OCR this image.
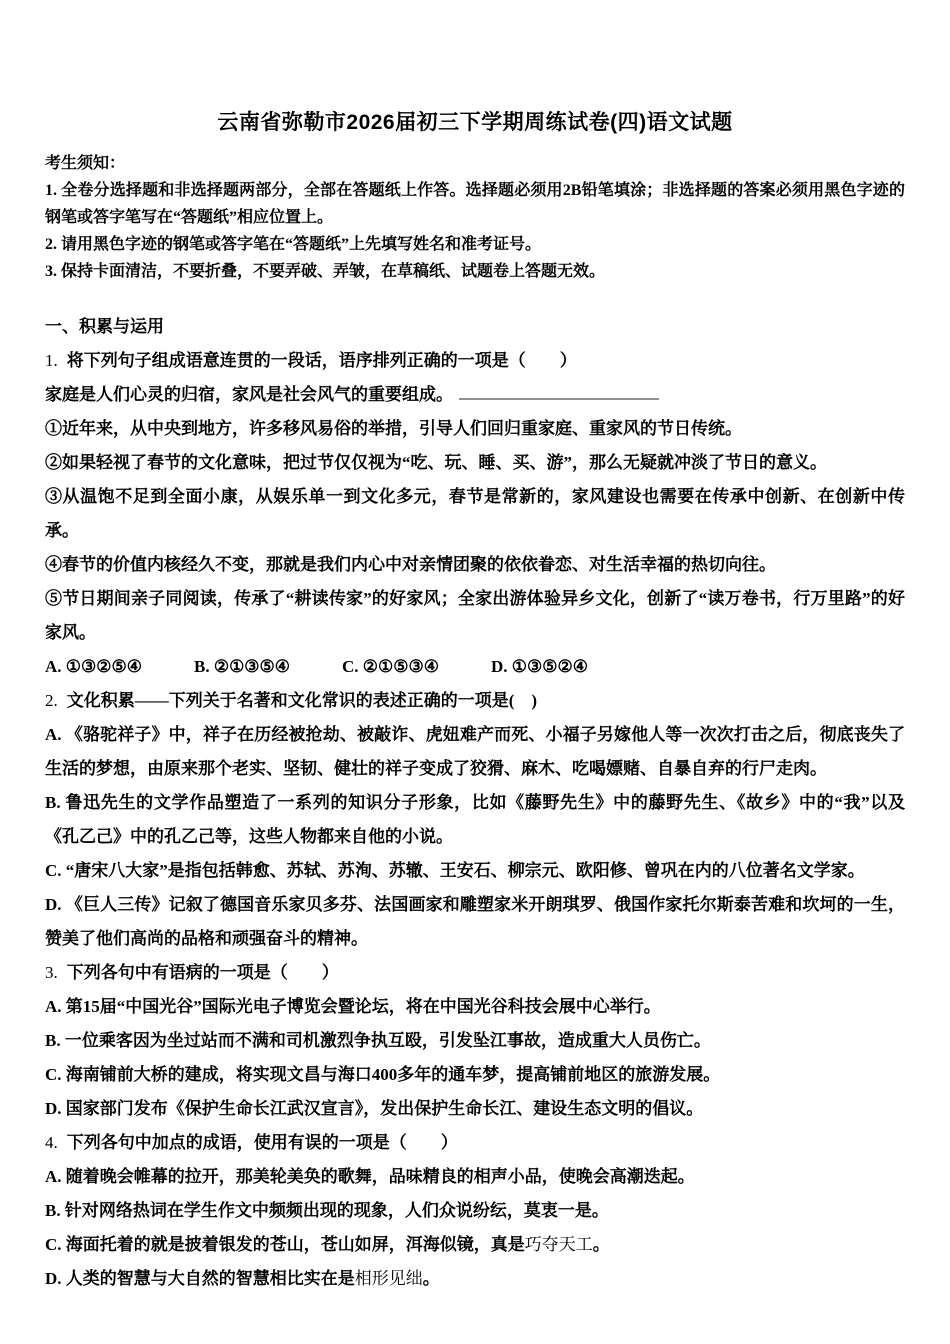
云南省弥勒市2026届初三下学期周练试卷(四)语文试题

考生须知：

1. 全卷分选择题和非选择题两部分，全部在答题纸上作答。选择题必须用2B铅笔填涂；非选择题的答案必须用黑色字迹的钢笔或答字笔写在“答题纸”相应位置上。

2. 请用黑色字迹的钢笔或答字笔在“答题纸”上先填写姓名和准考证号。

3. 保持卡面清洁，不要折叠，不要弄破、弄皱，在草稿纸、试题卷上答题无效。

一、积累与运用

1. 将下列句子组成语意连贯的一段话，语序排列正确的一项是（　　）

家庭是人们心灵的归宿，家风是社会风气的重要组成。

①近年来，从中央到地方，许多移风易俗的举措，引导人们回归重家庭、重家风的节日传统。

②如果轻视了春节的文化意味，把过节仅仅视为“吃、玩、睡、买、游”，那么无疑就冲淡了节日的意义。

③从温饱不足到全面小康，从娱乐单一到文化多元，春节是常新的，家风建设也需要在传承中创新、在创新中传承。

④春节的价值内核经久不变，那就是我们内心中对亲情团聚的依依眷恋、对生活幸福的热切向往。

⑤节日期间亲子同阅读，传承了“耕读传家”的好家风；全家出游体验异乡文化，创新了“读万卷书，行万里路”的好家风。

A. ①③②⑤④	B. ②①③⑤④	C. ②①⑤③④	D. ①③⑤②④

2. 文化积累——下列关于名著和文化常识的表述正确的一项是(　)

A. 《骆驼祥子》中，祥子在历经被抢劫、被敲诈、虎妞难产而死、小福子另嫁他人等一次次打击之后，彻底丧失了生活的梦想，由原来那个老实、坚韧、健壮的祥子变成了狡猾、麻木、吃喝嫖赌、自暴自弃的行尸走肉。

B. 鲁迅先生的文学作品塑造了一系列的知识分子形象，比如《藤野先生》中的藤野先生、《故乡》中的“我”以及《孔乙己》中的孔乙己等，这些人物都来自他的小说。

C. “唐宋八大家”是指包括韩愈、苏轼、苏洵、苏辙、王安石、柳宗元、欧阳修、曾巩在内的八位著名文学家。

D. 《巨人三传》记叙了德国音乐家贝多芬、法国画家和雕塑家米开朗琪罗、俄国作家托尔斯泰苦难和坎坷的一生，赞美了他们高尚的品格和顽强奋斗的精神。

3. 下列各句中有语病的一项是（　　）

A. 第15届“中国光谷”国际光电子博览会暨论坛，将在中国光谷科技会展中心举行。

B. 一位乘客因为坐过站而不满和司机激烈争执互殴，引发坠江事故，造成重大人员伤亡。

C. 海南铺前大桥的建成，将实现文昌与海口400多年的通车梦，提高铺前地区的旅游发展。

D. 国家部门发布《保护生命长江武汉宣言》，发出保护生命长江、建设生态文明的倡议。

4. 下列各句中加点的成语，使用有误的一项是（　　）

A. 随着晚会帷幕的拉开，那美轮美奂的歌舞，品味精良的相声小品，使晚会高潮迭起。

B. 针对网络热词在学生作文中频频出现的现象，人们众说纷纭，莫衷一是。

C. 海面托着的就是披着银发的苍山，苍山如屏，洱海似镜，真是巧夺天工。

D. 人类的智慧与大自然的智慧相比实在是相形见绌。
